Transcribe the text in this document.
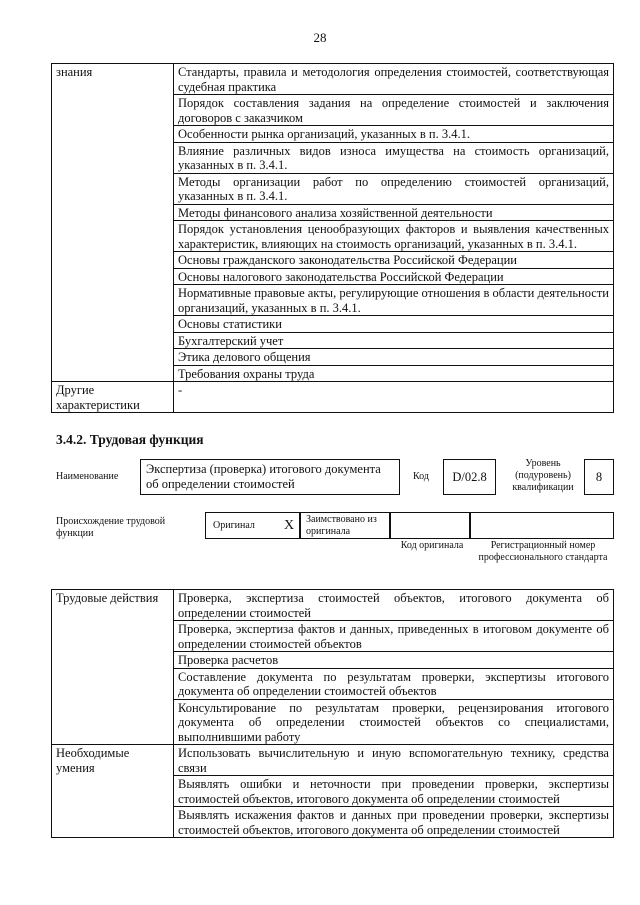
28
знания	Стандарты, правила и методология определения стоимостей, соответствующая судебная практика
	Порядок составления задания на определение стоимостей и заключения договоров с заказчиком
	Особенности рынка организаций, указанных в п. 3.4.1.
	Влияние различных видов износа имущества на стоимость организаций, указанных в п. 3.4.1.
	Методы организации работ по определению стоимостей организаций, указанных в п. 3.4.1.
	Методы финансового анализа хозяйственной деятельности
	Порядок установления ценообразующих факторов и выявления качественных характеристик, влияющих на стоимость организаций, указанных в п. 3.4.1.
	Основы гражданского законодательства Российской Федерации
	Основы налогового законодательства Российской Федерации
	Нормативные правовые акты, регулирующие отношения в области деятельности организаций, указанных в п. 3.4.1.
	Основы статистики
	Бухгалтерский учет
	Этика делового общения
	Требования охраны труда
Другие характеристики	-
3.4.2. Трудовая функция
Наименование
Экспертиза (проверка) итогового документа об определении стоимостей
Код	D/02.8
Уровень (подуровень) квалификации
8
Происхождение трудовой функции
Оригинал X	Заимствовано из оригинала
Код оригинала	Регистрационный номер профессионального стандарта
Трудовые действия	Проверка, экспертиза стоимостей объектов, итогового документа об определении стоимостей
	Проверка, экспертиза фактов и данных, приведенных в итоговом документе об определении стоимостей объектов
	Проверка расчетов
	Составление документа по результатам проверки, экспертизы итогового документа об определении стоимостей объектов
	Консультирование по результатам проверки, рецензирования итогового документа об определении стоимостей объектов со специалистами, выполнившими работу
Необходимые умения	Использовать вычислительную и иную вспомогательную технику, средства связи
	Выявлять ошибки и неточности при проведении проверки, экспертизы стоимостей объектов, итогового документа об определении стоимостей
	Выявлять искажения фактов и данных при проведении проверки, экспертизы стоимостей объектов, итогового документа об определении стоимостей
